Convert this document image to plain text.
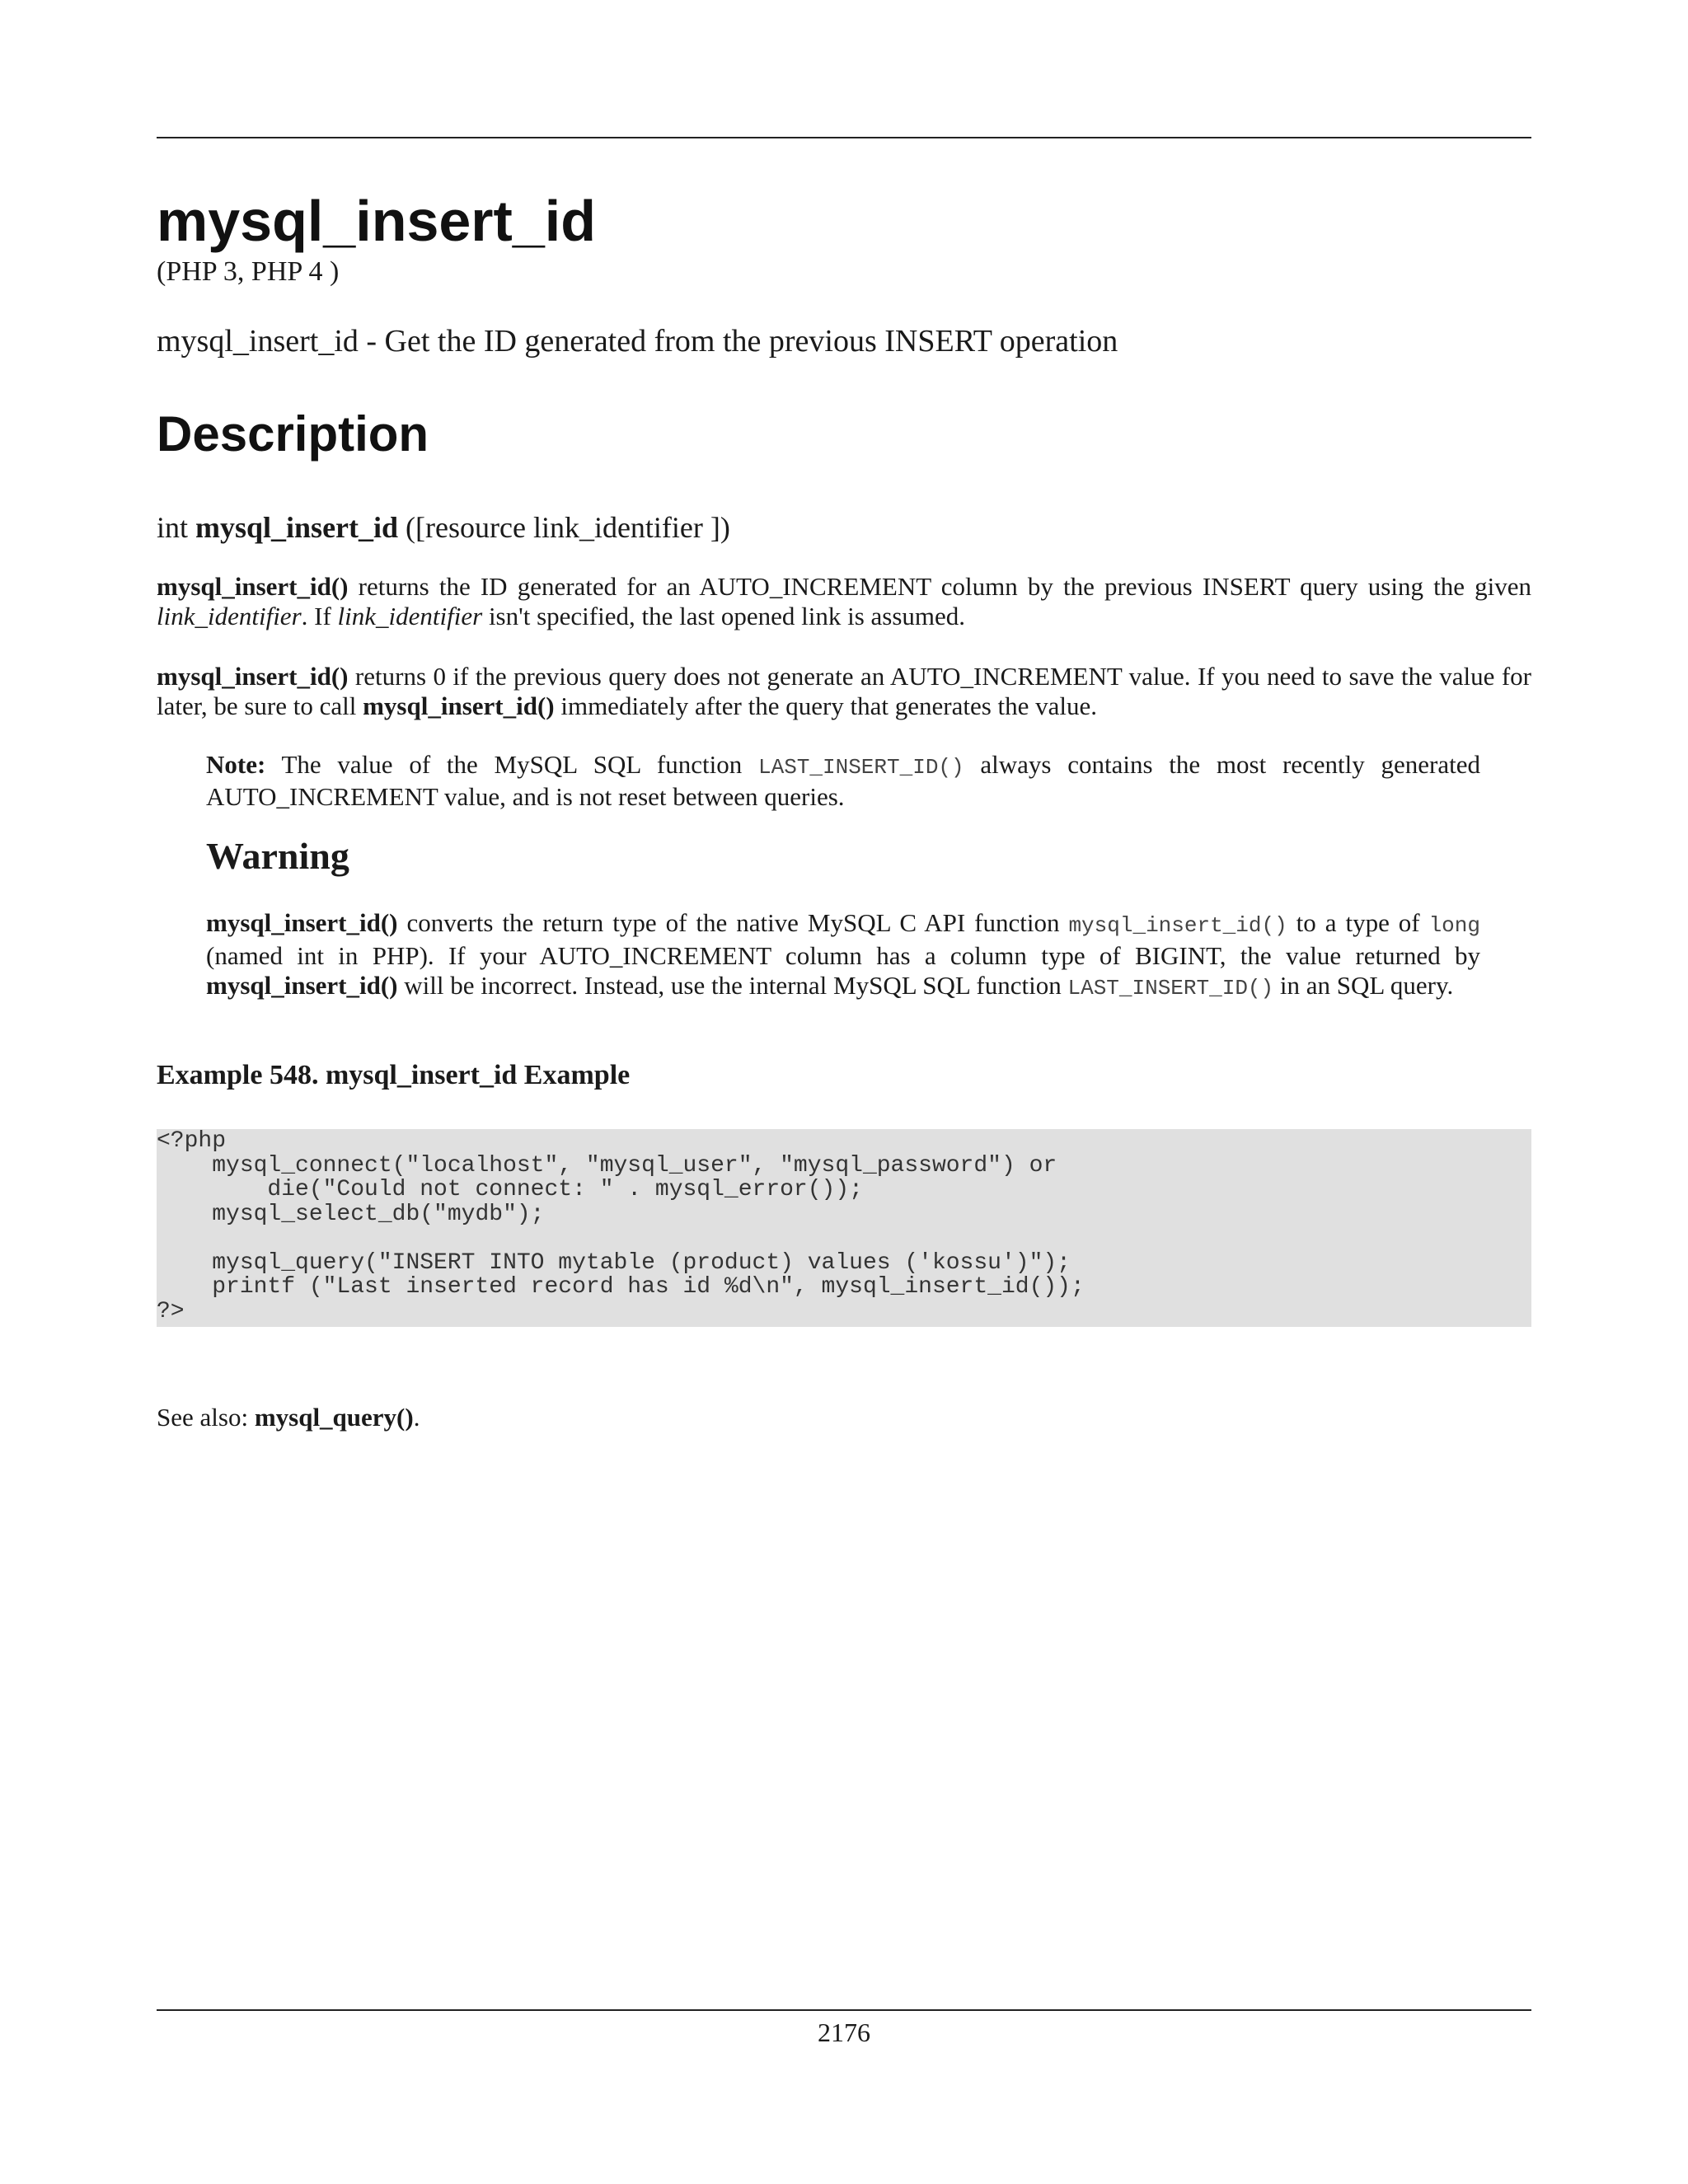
mysql_insert_id
(PHP 3, PHP 4 )
mysql_insert_id - Get the ID generated from the previous INSERT operation
Description
int mysql_insert_id ([resource link_identifier ])

mysql_insert_id() returns the ID generated for an AUTO_INCREMENT column by the previous INSERT query using the given link_identifier. If link_identifier isn't specified, the last opened link is assumed.

mysql_insert_id() returns 0 if the previous query does not generate an AUTO_INCREMENT value. If you need to save the value for later, be sure to call mysql_insert_id() immediately after the query that generates the value.

Note: The value of the MySQL SQL function LAST_INSERT_ID() always contains the most recently generated AUTO_INCREMENT value, and is not reset between queries.

Warning

mysql_insert_id() converts the return type of the native MySQL C API function mysql_insert_id() to a type of long (named int in PHP). If your AUTO_INCREMENT column has a column type of BIGINT, the value returned by mysql_insert_id() will be incorrect. Instead, use the internal MySQL SQL function LAST_INSERT_ID() in an SQL query.

Example 548. mysql_insert_id Example
<?php
mysql_connect("localhost", "mysql_user", "mysql_password") or
die("Could not connect: " . mysql_error());
mysql_select_db("mydb");

mysql_query("INSERT INTO mytable (product) values ('kossu')");
printf ("Last inserted record has id %d\n", mysql_insert_id());
?>
See also: mysql_query().
2176
